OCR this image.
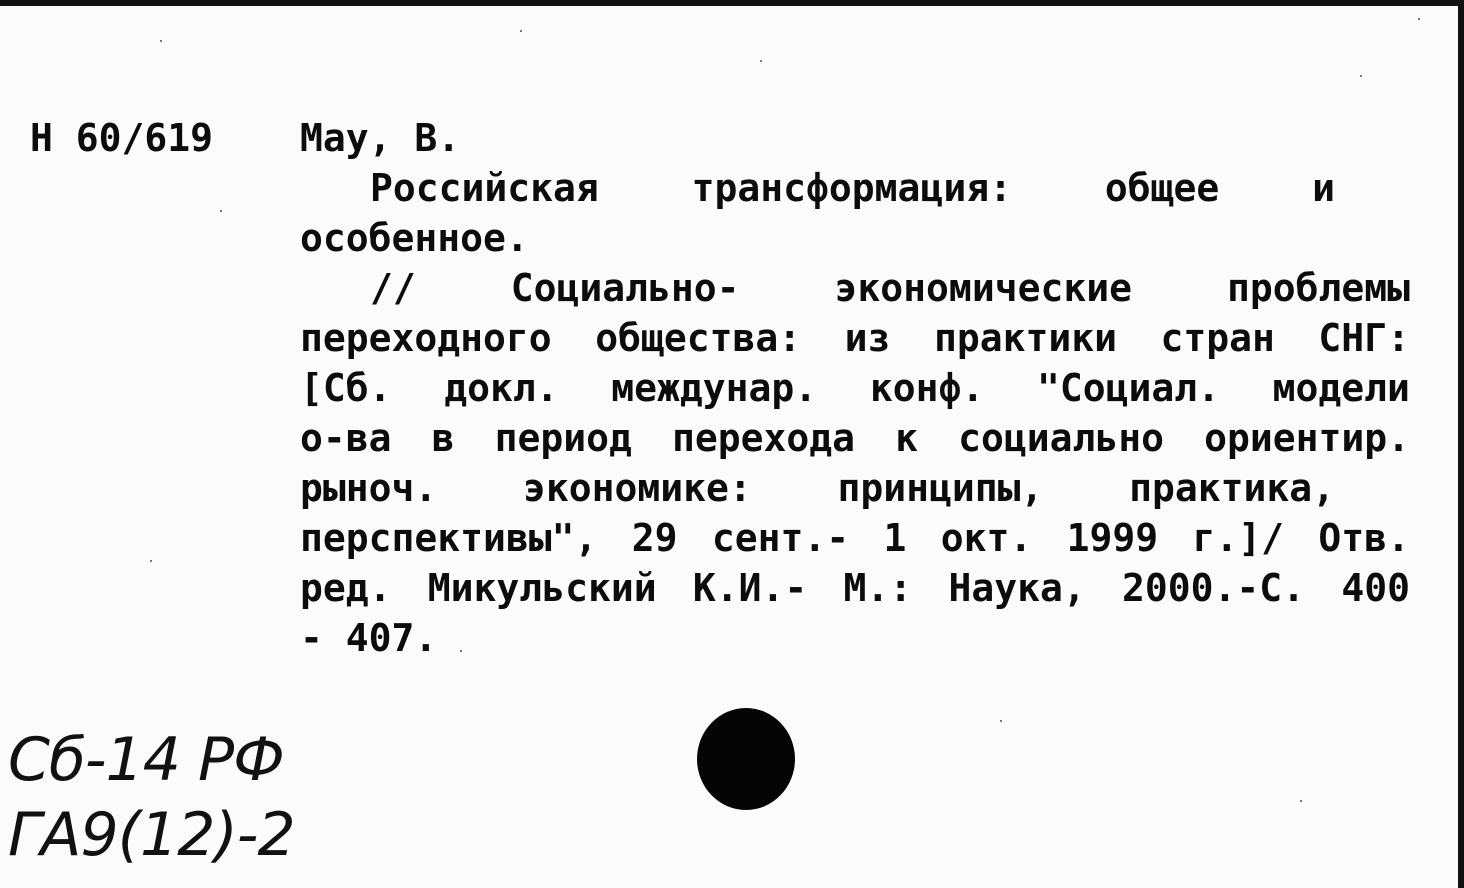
Н 60/619 Мау, В.
Российская трансформация: общее и
особенное.
//	Социально-	экономические	проблемы
переходного общества: из практики стран СНГ:
[Сб. докл. междунар. конф. "Социал. модели
о-ва в период перехода к социально ориентир.
рыноч. экономике: принципы, практика,
перспективы", 29 сент.- 1 окт. 1999 г.]/ Отв.
ред. Микульский К.И.- М.: Наука, 2000.-С. 400
- 407.
Сб-14 РФ
ГА9(12)-2
